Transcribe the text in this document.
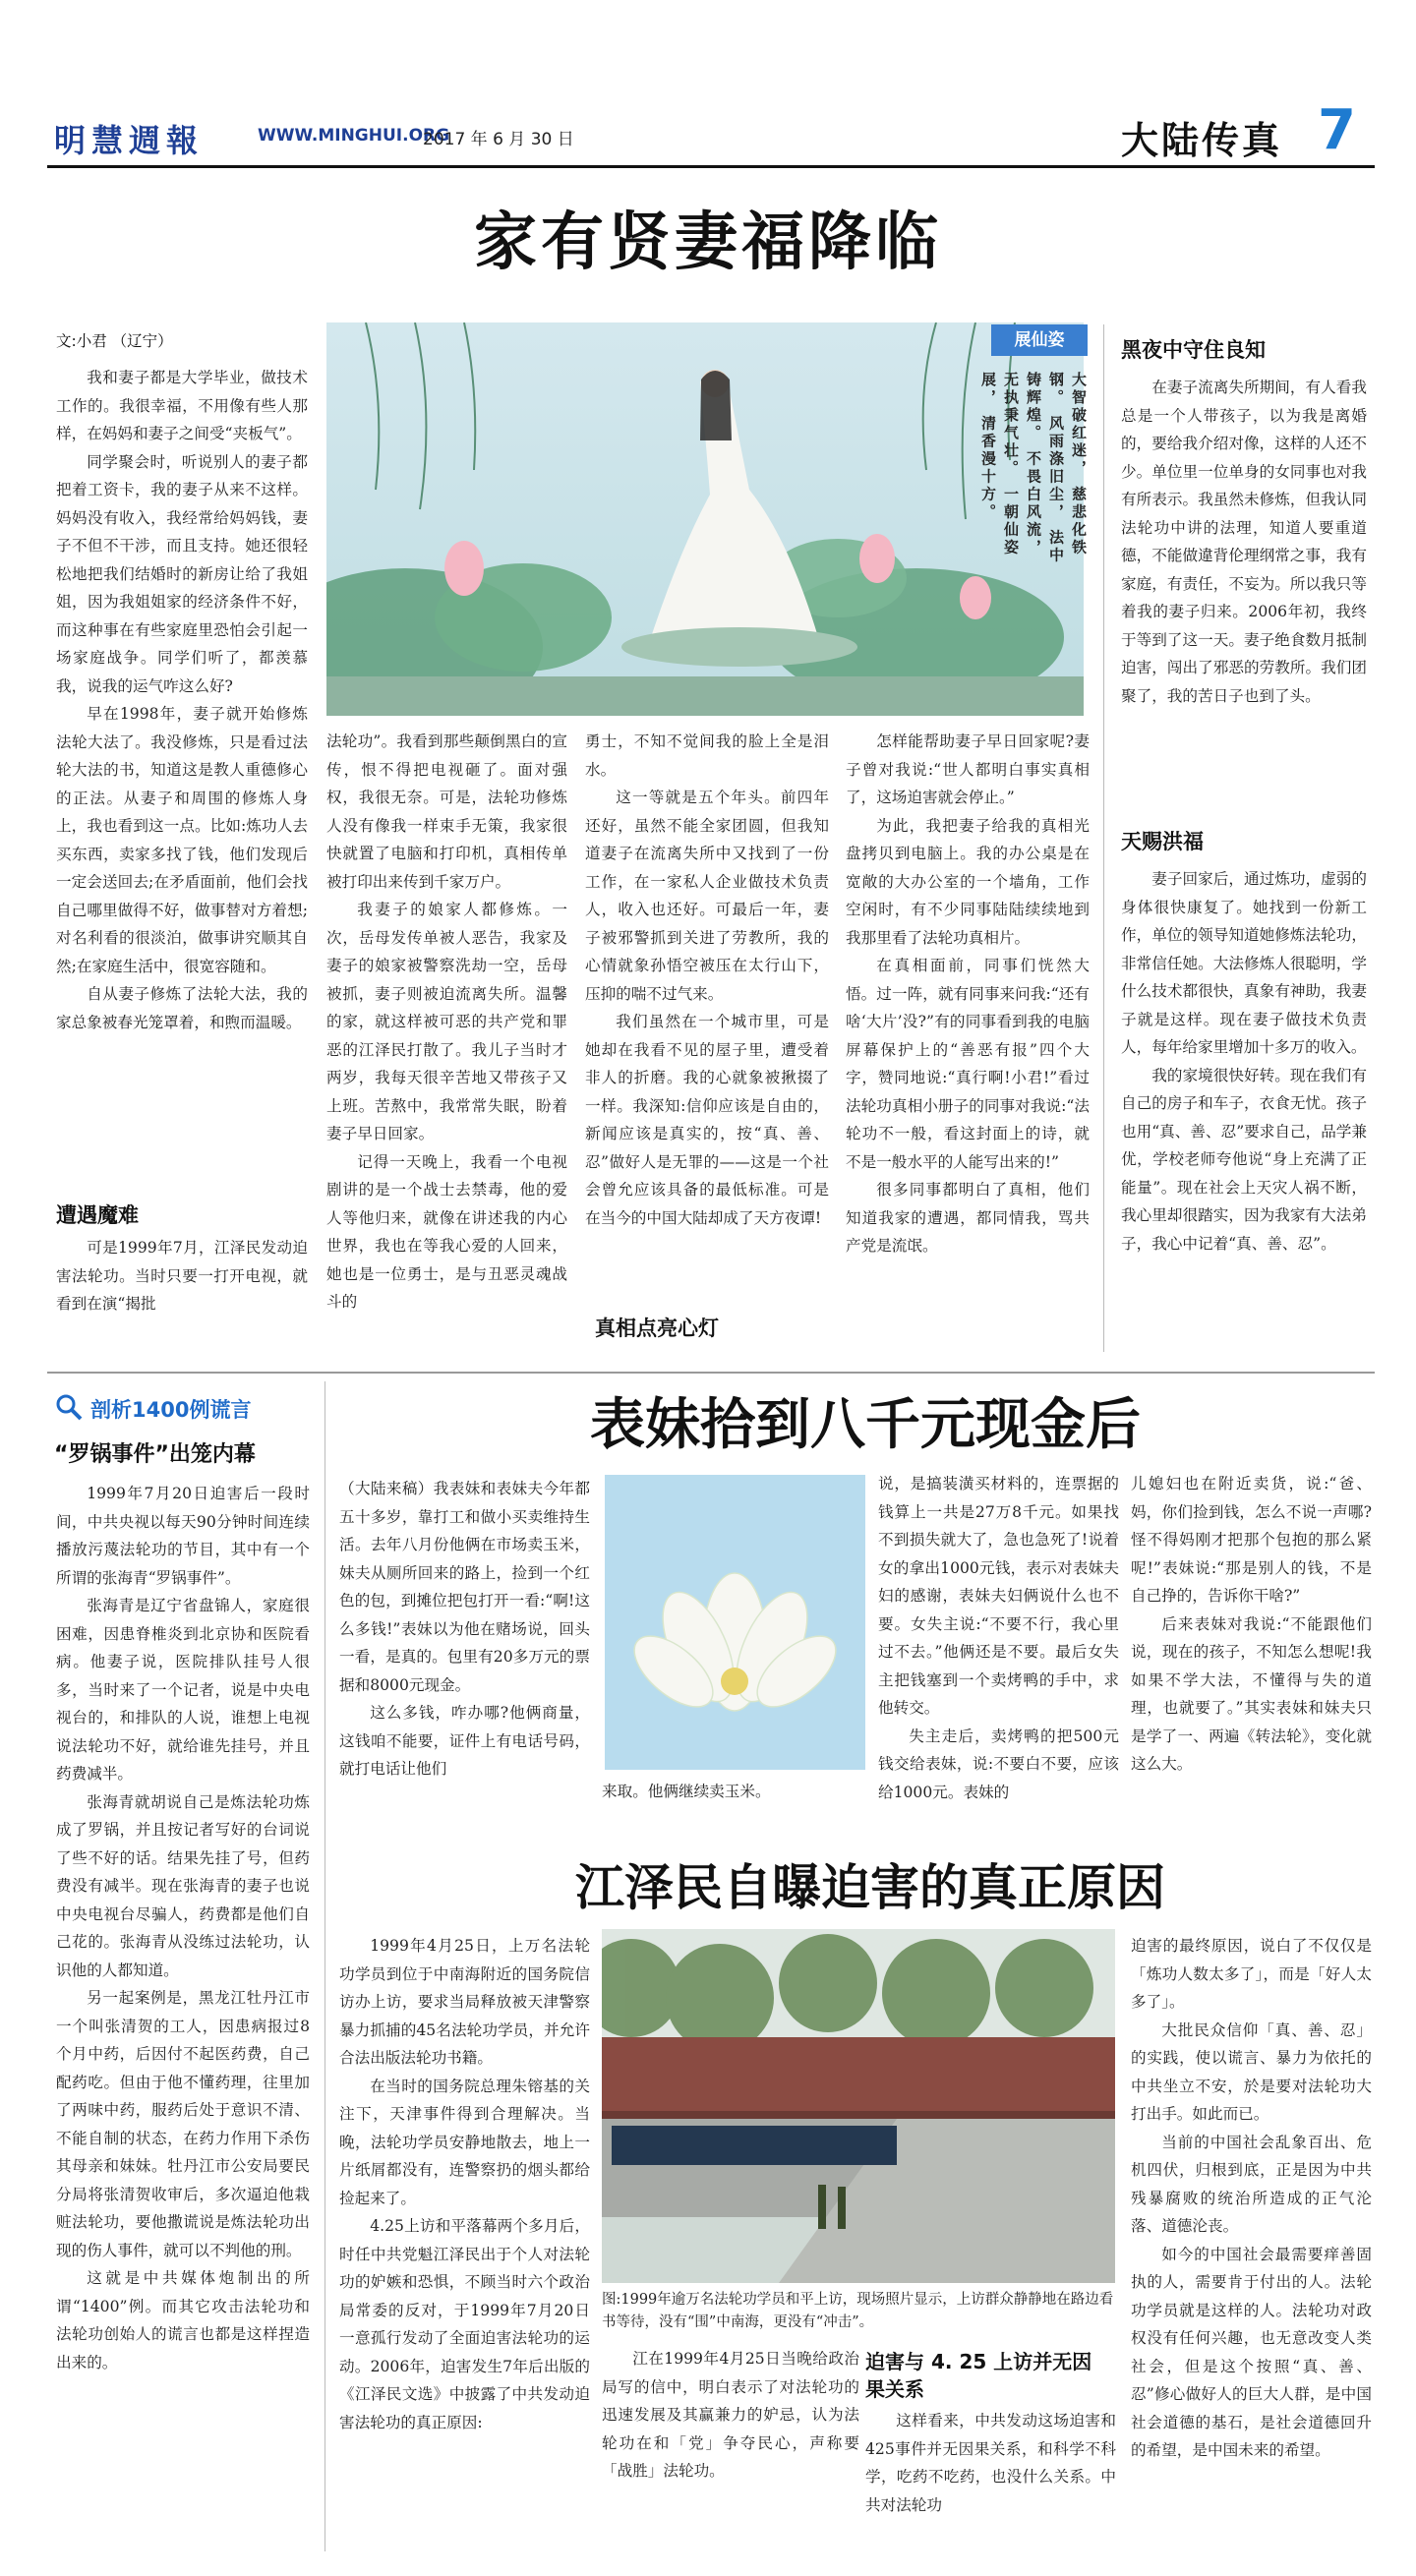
明慧週報	WWW.MINGHUI.ORG
2017 年 6 月 30 日	大陆传真 7
家有贤妻福降临
文:小君 （辽宁）	展仙姿
大智破红迷， 慈悲化铁钢。 风雨涤旧尘， 法中铸辉煌。 不畏白风流， 无执秉气壮。 一朝仙姿展， 清香漫十方。

我和妻子都是大学毕业，做技术工作的。我很幸福，不用像有些人那样，在妈妈和妻子之间受“夹板气”。

同学聚会时，听说别人的妻子都把着工资卡，我的妻子从来不这样。妈妈没有收入，我经常给妈妈钱，妻子不但不干涉，而且支持。她还很轻松地把我们结婚时的新房让给了我姐姐，因为我姐姐家的经济条件不好，而这种事在有些家庭里恐怕会引起一场家庭战争。同学们听了，都羡慕我，说我的运气咋这么好?

早在1998年，妻子就开始修炼法轮大法了。我没修炼，只是看过法轮大法的书，知道这是教人重德修心的正法。从妻子和周围的修炼人身上，我也看到这一点。比如:炼功人去买东西，卖家多找了钱，他们发现后一定会送回去;在矛盾面前，他们会找自己哪里做得不好，做事替对方着想;对名利看的很淡泊，做事讲究顺其自然;在家庭生活中，很宽容随和。

自从妻子修炼了法轮大法，我的家总象被春光笼罩着，和煦而温暖。

遭遇魔难

可是1999年7月，江泽民发动迫害法轮功。当时只要一打开电视，就看到在演“揭批

法轮功”。我看到那些颠倒黑白的宣传，恨不得把电视砸了。面对强权，我很无奈。可是，法轮功修炼人没有像我一样束手无策，我家很快就置了电脑和打印机，真相传单被打印出来传到千家万户。

我妻子的娘家人都修炼。一次，岳母发传单被人恶告，我家及妻子的娘家被警察洗劫一空，岳母被抓，妻子则被迫流离失所。温馨的家，就这样被可恶的共产党和罪恶的江泽民打散了。我儿子当时才两岁，我每天很辛苦地又带孩子又上班。苦熬中，我常常失眠，盼着妻子早日回家。

记得一天晚上，我看一个电视剧讲的是一个战士去禁毒，他的爱人等他归来，就像在讲述我的内心世界，我也在等我心爱的人回来，她也是一位勇士，是与丑恶灵魂战斗的

勇士，不知不觉间我的脸上全是泪水。

这一等就是五个年头。前四年还好，虽然不能全家团圆，但我知道妻子在流离失所中又找到了一份工作，在一家私人企业做技术负责人，收入也还好。可最后一年，妻子被邪警抓到关进了劳教所，我的心情就象孙悟空被压在太行山下，压抑的喘不过气来。

我们虽然在一个城市里，可是她却在我看不见的屋子里，遭受着非人的折磨。我的心就象被揪掇了一样。我深知:信仰应该是自由的，新闻应该是真实的，按“真、善、忍”做好人是无罪的——这是一个社会曾允应该具备的最低标准。可是在当今的中国大陆却成了天方夜谭!

真相点亮心灯

怎样能帮助妻子早日回家呢?妻子曾对我说:“世人都明白事实真相了，这场迫害就会停止。”

为此，我把妻子给我的真相光盘拷贝到电脑上。我的办公桌是在宽敞的大办公室的一个墙角，工作空闲时，有不少同事陆陆续续地到我那里看了法轮功真相片。

在真相面前，同事们恍然大悟。过一阵，就有同事来问我:“还有啥‘大片’没?”有的同事看到我的电脑屏幕保护上的“善恶有报”四个大字，赞同地说:“真行啊!小君!”看过法轮功真相小册子的同事对我说:“法轮功不一般，看这封面上的诗，就不是一般水平的人能写出来的!”

很多同事都明白了真相，他们知道我家的遭遇，都同情我，骂共产党是流氓。

黑夜中守住良知

在妻子流离失所期间，有人看我总是一个人带孩子，以为我是离婚的，要给我介绍对像，这样的人还不少。单位里一位单身的女同事也对我有所表示。我虽然未修炼，但我认同法轮功中讲的法理，知道人要重道德，不能做違背伦理纲常之事，我有家庭，有责任，不妄为。所以我只等着我的妻子归来。2006年初，我终于等到了这一天。妻子绝食数月抵制迫害，闯出了邪恶的劳教所。我们团聚了，我的苦日子也到了头。

天赐洪福

妻子回家后，通过炼功，虚弱的身体很快康复了。她找到一份新工作，单位的领导知道她修炼法轮功，非常信任她。大法修炼人很聪明，学什么技术都很快，真象有神助，我妻子就是这样。现在妻子做技术负责人，每年给家里增加十多万的收入。

我的家境很快好转。现在我们有自己的房子和车子，衣食无忧。孩子也用“真、善、忍”要求自己，品学兼优，学校老师夸他说“身上充满了正能量”。现在社会上天灾人祸不断，我心里却很踏实，因为我家有大法弟子，我心中记着“真、善、忍”。

剖析1400例谎言
“罗锅事件”出笼内幕

1999年7月20日迫害后一段时间，中共央视以每天90分钟时间连续播放污蔑法轮功的节目，其中有一个所谓的张海青“罗锅事件”。

张海青是辽宁省盘锦人，家庭很困难，因患脊椎炎到北京协和医院看病。他妻子说，医院排队挂号人很多，当时来了一个记者，说是中央电视台的，和排队的人说，谁想上电视说法轮功不好，就给谁先挂号，并且药费减半。

张海青就胡说自己是炼法轮功炼成了罗锅，并且按记者写好的台词说了些不好的话。结果先挂了号，但药费没有减半。现在张海青的妻子也说中央电视台尽骗人，药费都是他们自己花的。张海青从没练过法轮功，认识他的人都知道。

另一起案例是，黑龙江牡丹江市一个叫张清贺的工人，因患病报过8个月中药，后因付不起医药费，自己配药吃。但由于他不懂药理，往里加了两味中药，服药后处于意识不清、不能自制的状态，在药力作用下杀伤其母亲和妹妹。牡丹江市公安局要民分局将张清贺收审后，多次逼迫他栽赃法轮功，要他撒谎说是炼法轮功出现的伤人事件，就可以不判他的刑。

这就是中共媒体炮制出的所谓“1400”例。而其它攻击法轮功和法轮功创始人的谎言也都是这样捏造出来的。

表妹拾到八千元现金后

（大陆来稿）我表妹和表妹夫今年都五十多岁，靠打工和做小买卖维持生活。去年八月份他俩在市场卖玉米，妹夫从厕所回来的路上，捡到一个红色的包，到摊位把包打开一看:“啊!这么多钱!”表妹以为他在赌场说，回头一看，是真的。包里有20多万元的票据和8000元现金。

这么多钱，咋办哪?他俩商量，这钱咱不能要，证件上有电话号码，就打电话让他们

来取。他俩继续卖玉米。

说，是搞装潢买材料的，连票据的钱算上一共是27万8千元。如果找不到损失就大了，急也急死了!说着女的拿出1000元钱，表示对表妹夫妇的感谢，表妹夫妇俩说什么也不要。女失主说:“不要不行，我心里过不去。”他俩还是不要。最后女失主把钱塞到一个卖烤鸭的手中，求他转交。

失主走后，卖烤鸭的把500元钱交给表妹，说:不要白不要，应该给1000元。表妹的

儿媳妇也在附近卖货，说:“爸、妈，你们捡到钱，怎么不说一声哪?怪不得妈刚才把那个包抱的那么紧呢!”表妹说:“那是别人的钱，不是自己挣的，告诉你干啥?”

后来表妹对我说:“不能跟他们说，现在的孩子，不知怎么想呢!我如果不学大法，不懂得与失的道理，也就要了。”其实表妹和妹夫只是学了一、两遍《转法轮》，变化就这么大。

江泽民自曝迫害的真正原因

1999年4月25日，上万名法轮功学员到位于中南海附近的国务院信访办上访，要求当局释放被天津警察暴力抓捕的45名法轮功学员，并允许合法出版法轮功书籍。

在当时的国务院总理朱镕基的关注下，天津事件得到合理解决。当晚，法轮功学员安静地散去，地上一片纸屑都没有，连警察扔的烟头都给捡起来了。

4.25上访和平落幕两个多月后，时任中共党魁江泽民出于个人对法轮功的妒嫉和恐惧，不顾当时六个政治局常委的反对，于1999年7月20日一意孤行发动了全面迫害法轮功的运动。2006年，迫害发生7年后出版的《江泽民文选》中披露了中共发动迫害法轮功的真正原因:

图:1999年逾万名法轮功学员和平上访，现场照片显示，上访群众静静地在路边看书等待，没有“围”中南海，更没有“冲击”。

江在1999年4月25日当晚给政治局写的信中，明白表示了对法轮功的迅速发展及其赢兼力的妒忌，认为法轮功在和「党」争夺民心，声称要「战胜」法轮功。

迫害与 4. 25 上访并无因果关系

这样看来，中共发动这场迫害和425事件并无因果关系，和科学不科学，吃药不吃药，也没什么关系。中共对法轮功

迫害的最终原因，说白了不仅仅是「炼功人数太多了」，而是「好人太多了」。

大批民众信仰「真、善、忍」的实践，使以谎言、暴力为依托的中共坐立不安，於是要对法轮功大打出手。如此而已。

当前的中国社会乱象百出、危机四伏，归根到底，正是因为中共残暴腐败的统治所造成的正气沦落、道德沦丧。

如今的中国社会最需要痒善固执的人，需要肯于付出的人。法轮功学员就是这样的人。法轮功对政权没有任何兴趣，也无意改变人类社会，但是这个按照“真、善、忍”修心做好人的巨大人群，是中国社会道德的基石，是社会道德回升的希望，是中国未来的希望。
